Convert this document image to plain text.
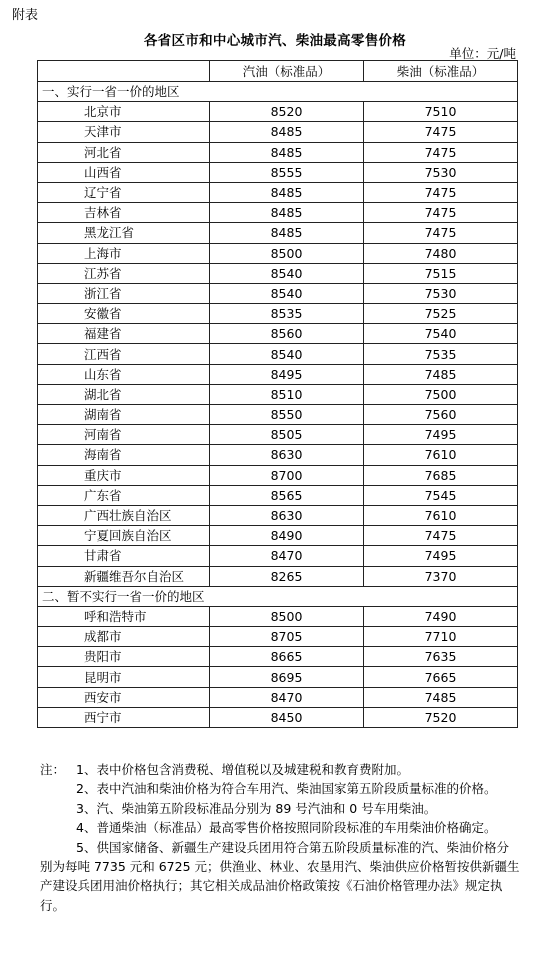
附表
各省区市和中心城市汽、柴油最高零售价格
单位：元/吨
	汽油（标准品）	柴油（标准品）
一、实行一省一价的地区		
北京市	8520	7510
天津市	8485	7475
河北省	8485	7475
山西省	8555	7530
辽宁省	8485	7475
吉林省	8485	7475
黑龙江省	8485	7475
上海市	8500	7480
江苏省	8540	7515
浙江省	8540	7530
安徽省	8535	7525
福建省	8560	7540
江西省	8540	7535
山东省	8495	7485
湖北省	8510	7500
湖南省	8550	7560
河南省	8505	7495
海南省	8630	7610
重庆市	8700	7685
广东省	8565	7545
广西壮族自治区	8630	7610
宁夏回族自治区	8490	7475
甘肃省	8470	7495
新疆维吾尔自治区	8265	7370
二、暂不实行一省一价的地区		
呼和浩特市	8500	7490
成都市	8705	7710
贵阳市	8665	7635
昆明市	8695	7665
西安市	8470	7485
西宁市	8450	7520

注： 1、表中价格包含消费税、增值税以及城建税和教育费附加。

2、表中汽油和柴油价格为符合车用汽、柴油国家第五阶段质量标准的价格。

3、汽、柴油第五阶段标准品分别为 89 号汽油和 0 号车用柴油。

4、普通柴油（标准品）最高零售价格按照同阶段标准的车用柴油价格确定。

5、供国家储备、新疆生产建设兵团用符合第五阶段质量标准的汽、柴油价格分别为每吨 7735 元和 6725 元；供渔业、林业、农垦用汽、柴油供应价格暂按供新疆生产建设兵团用油价格执行；其它相关成品油价格政策按《石油价格管理办法》规定执行。
